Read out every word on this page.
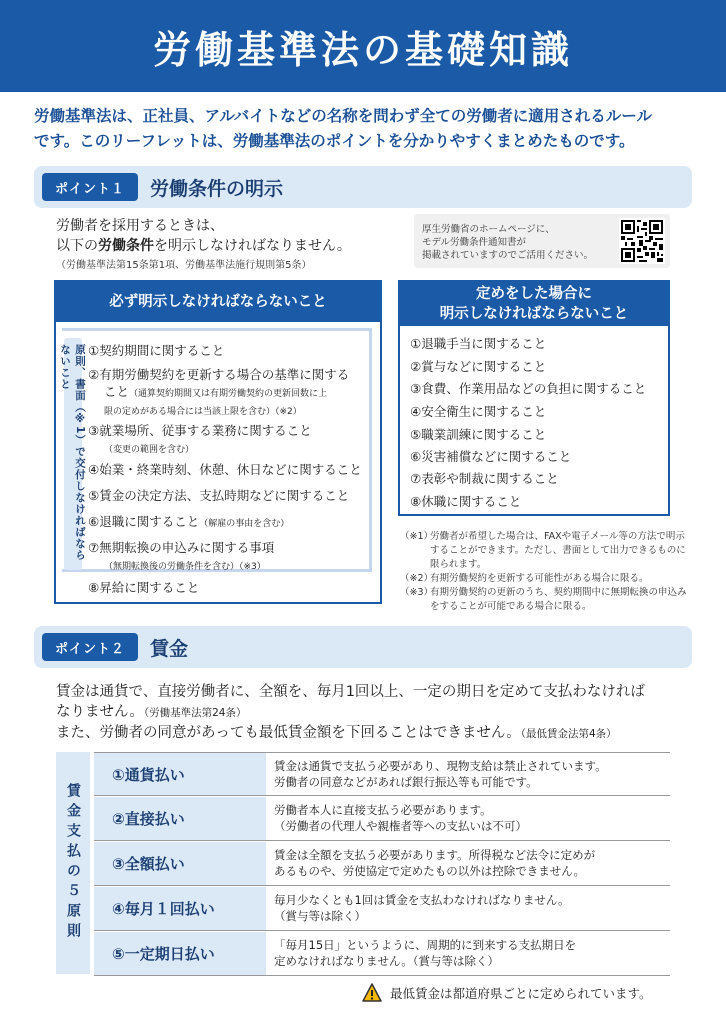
労働基準法の基礎知識
労働基準法は、正社員、アルバイトなどの名称を問わず全ての労働者に適用されるルール
です。このリーフレットは、労働基準法のポイントを分かりやすくまとめたものです。
ポイント１	労働条件の明示
労働者を採用するときは、
以下の労働条件を明示しなければなりません。
（労働基準法第15条第1項、労働基準法施行規則第5条）
厚生労働省のホームページに、
モデル労働条件通知書が
掲載されていますのでご活用ください。
必ず明示しなければならないこと
原則、書面（※1）で交付しなければならないこと	①契約期間に関すること
②有期労働契約を更新する場合の基準に関する
こと（通算契約期間又は有期労働契約の更新回数に上
限の定めがある場合には当該上限を含む）（※2）
③就業場所、従事する業務に関すること
（変更の範囲を含む）
④始業・終業時刻、休憩、休日などに関すること
⑤賃金の決定方法、支払時期などに関すること
⑥退職に関すること（解雇の事由を含む）
⑦無期転換の申込みに関する事項
（無期転換後の労働条件を含む）（※3）
⑧昇給に関すること
定めをした場合に
明示しなければならないこと
①退職手当に関すること
②賞与などに関すること
③食費、作業用品などの負担に関すること
④安全衛生に関すること
⑤職業訓練に関すること
⑥災害補償などに関すること
⑦表彰や制裁に関すること
⑧休職に関すること
（※1）
労働者が希望した場合は、FAXや電子メール等の方法で明示することができます。ただし、書面として出力できるものに限られます。
（※2）
有期労働契約を更新する可能性がある場合に限る。
（※3）
有期労働契約の更新のうち、契約期間中に無期転換の申込みをすることが可能である場合に限る。
ポイント２	賃金
賃金は通貨で、直接労働者に、全額を、毎月1回以上、一定の期日を定めて支払わなければ
なりません。（労働基準法第24条）
また、労働者の同意があっても最低賃金額を下回ることはできません。（最低賃金法第4条）
賃金支払の５原則
①通貨払い	賃金は通貨で支払う必要があり、現物支給は禁止されています。
労働者の同意などがあれば銀行振込等も可能です。
②直接払い	労働者本人に直接支払う必要があります。
（労働者の代理人や親権者等への支払いは不可）
③全額払い	賃金は全額を支払う必要があります。所得税など法令に定めが
あるものや、労使協定で定めたもの以外は控除できません。
④毎月１回払い	毎月少なくとも1回は賃金を支払わなければなりません。
（賞与等は除く）
⑤一定期日払い	「毎月15日」というように、周期的に到来する支払期日を
定めなければなりません。（賞与等は除く）
最低賃金は都道府県ごとに定められています。
